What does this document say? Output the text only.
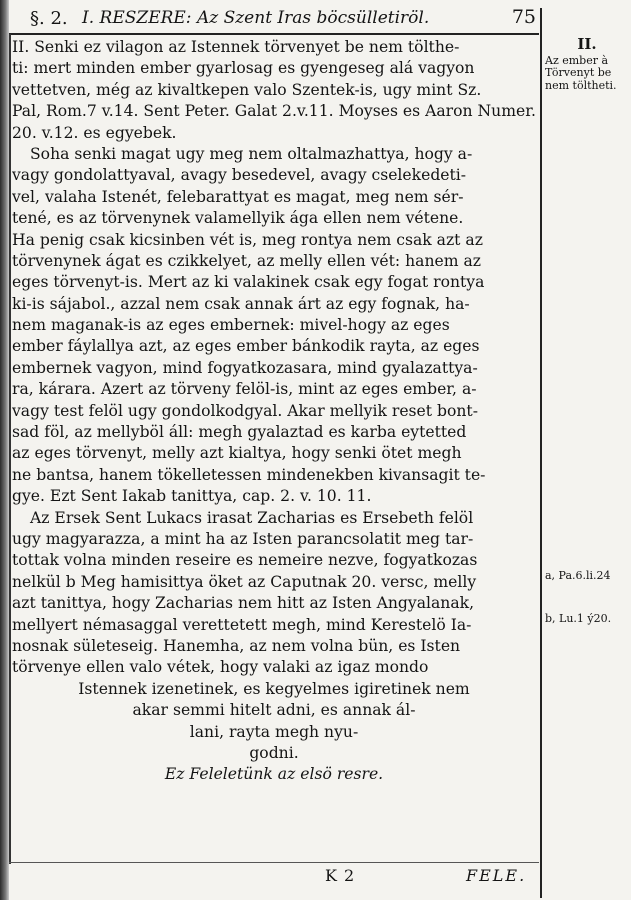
§. 2. I. RESZERE: Az Szent Iras böcsülletiröl.	75
II. Senki ez vilagon az Istennek törvenyet be nem tölthe-
ti: mert minden ember gyarlosag es gyengeseg alá vagyon
vettetven, még az kivaltkepen valo Szentek-is, ugy mint Sz.
Pal, Rom.7 v.14. Sent Peter. Galat 2.v.11. Moyses es Aaron Numer.
20. v.12. es egyebek.
Soha senki magat ugy meg nem oltalmazhattya, hogy a-
vagy gondolattyaval, avagy besedevel, avagy cselekedeti-
vel, valaha Istenét, felebarattyat es magat, meg nem sér-
tené, es az törvenynek valamellyik ága ellen nem vétene.
Ha penig csak kicsinben vét is, meg rontya nem csak azt az
törvenynek ágat es czikkelyet, az melly ellen vét: hanem az
eges törvenyt-is. Mert az ki valakinek csak egy fogat rontya
ki-is sájabol., azzal nem csak annak árt az egy fognak, ha-
nem maganak-is az eges embernek: mivel-hogy az eges
ember fáylallya azt, az eges ember bánkodik rayta, az eges
embernek vagyon, mind fogyatkozasara, mind gyalazattya-
ra, kárara. Azert az törveny felöl-is, mint az eges ember, a-
vagy test felöl ugy gondolkodgyal. Akar mellyik reset bont-
sad föl, az mellyböl áll: megh gyalaztad es karba eytetted
az eges törvenyt, melly azt kialtya, hogy senki ötet megh
ne bantsa, hanem tökelletessen mindenekben kivansagit te-
gye. Ezt Sent Iakab tanittya, cap. 2. v. 10. 11.
Az Ersek Sent Lukacs irasat Zacharias es Ersebeth felöl
ugy magyarazza, a mint ha az Isten parancsolatit meg tar-
tottak volna minden reseire es nemeire nezve, fogyatkozas
nelkül b Meg hamisittya öket az Caputnak 20. versc, melly
azt tanittya, hogy Zacharias nem hitt az Isten Angyalanak,
mellyert némasaggal verettetett megh, mind Kerestelö Ia-
nosnak sületeseig. Hanemha, az nem volna bün, es Isten
törvenye ellen valo vétek, hogy valaki az igaz mondo
Istennek izenetinek, es kegyelmes igiretinek nem
akar semmi hitelt adni, es annak ál-
lani, rayta megh nyu-
godni.
Ez Feleletünk az elsö resre.
II.
Az ember à Törvenyt be nem töltheti.
a, Pa.6.li.24
b, Lu.1 ý20.
K 2	FELE.
